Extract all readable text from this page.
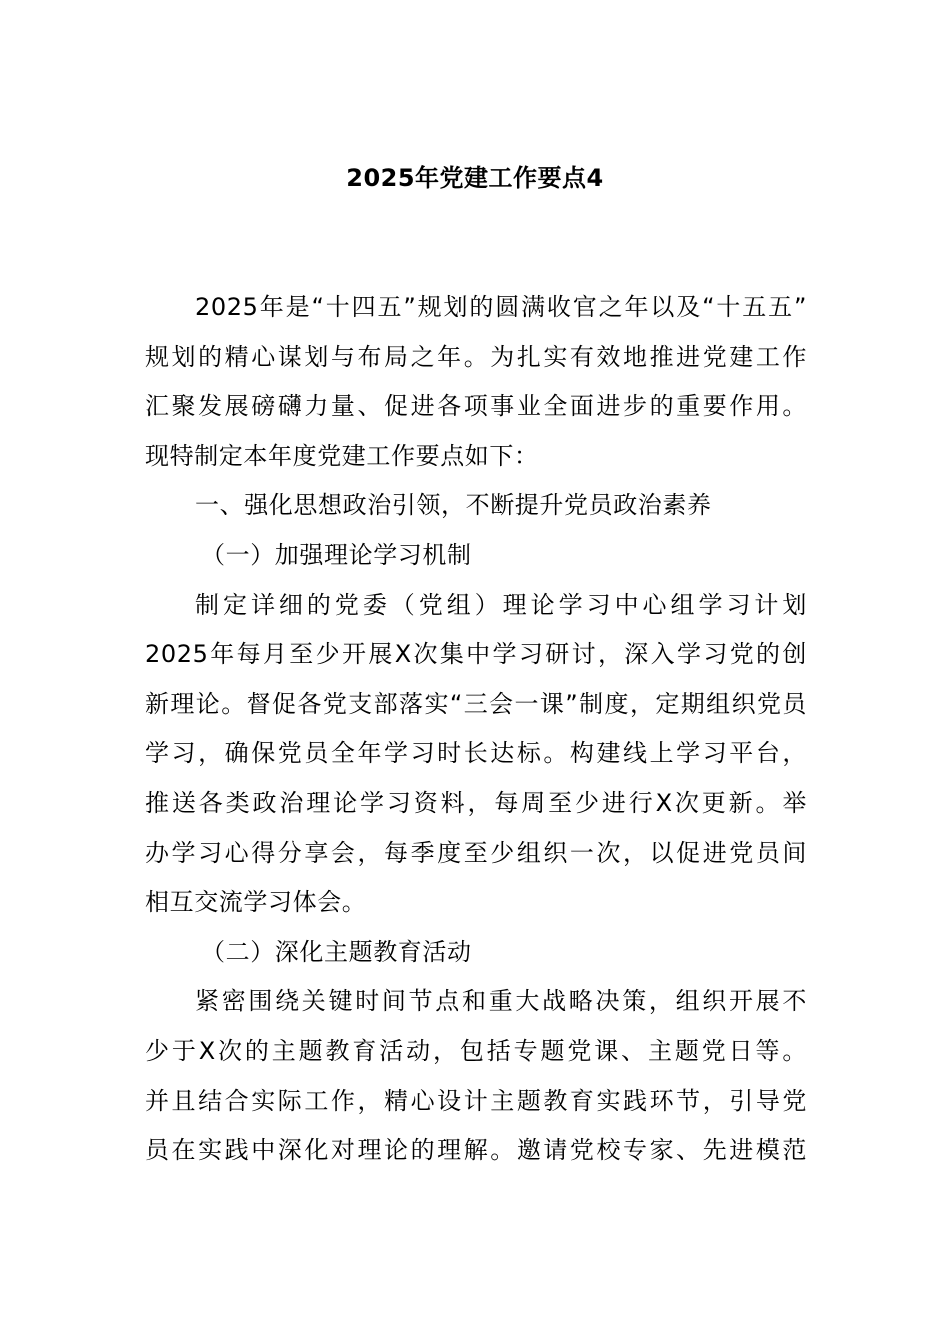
2025年党建工作要点4
2025年是“十四五”规划的圆满收官之年以及“十五五”
规划的精心谋划与布局之年。为扎实有效地推进党建工作
汇聚发展磅礴力量、促进各项事业全面进步的重要作用。
现特制定本年度党建工作要点如下：
一、强化思想政治引领，不断提升党员政治素养
（一）加强理论学习机制
制定详细的党委（党组）理论学习中心组学习计划
2025年每月至少开展X次集中学习研讨，深入学习党的创
新理论。督促各党支部落实“三会一课”制度，定期组织党员
学习，确保党员全年学习时长达标。构建线上学习平台，
推送各类政治理论学习资料，每周至少进行X次更新。举
办学习心得分享会，每季度至少组织一次，以促进党员间
相互交流学习体会。
（二）深化主题教育活动
紧密围绕关键时间节点和重大战略决策，组织开展不
少于X次的主题教育活动，包括专题党课、主题党日等。
并且结合实际工作，精心设计主题教育实践环节，引导党
员在实践中深化对理论的理解。邀请党校专家、先进模范
